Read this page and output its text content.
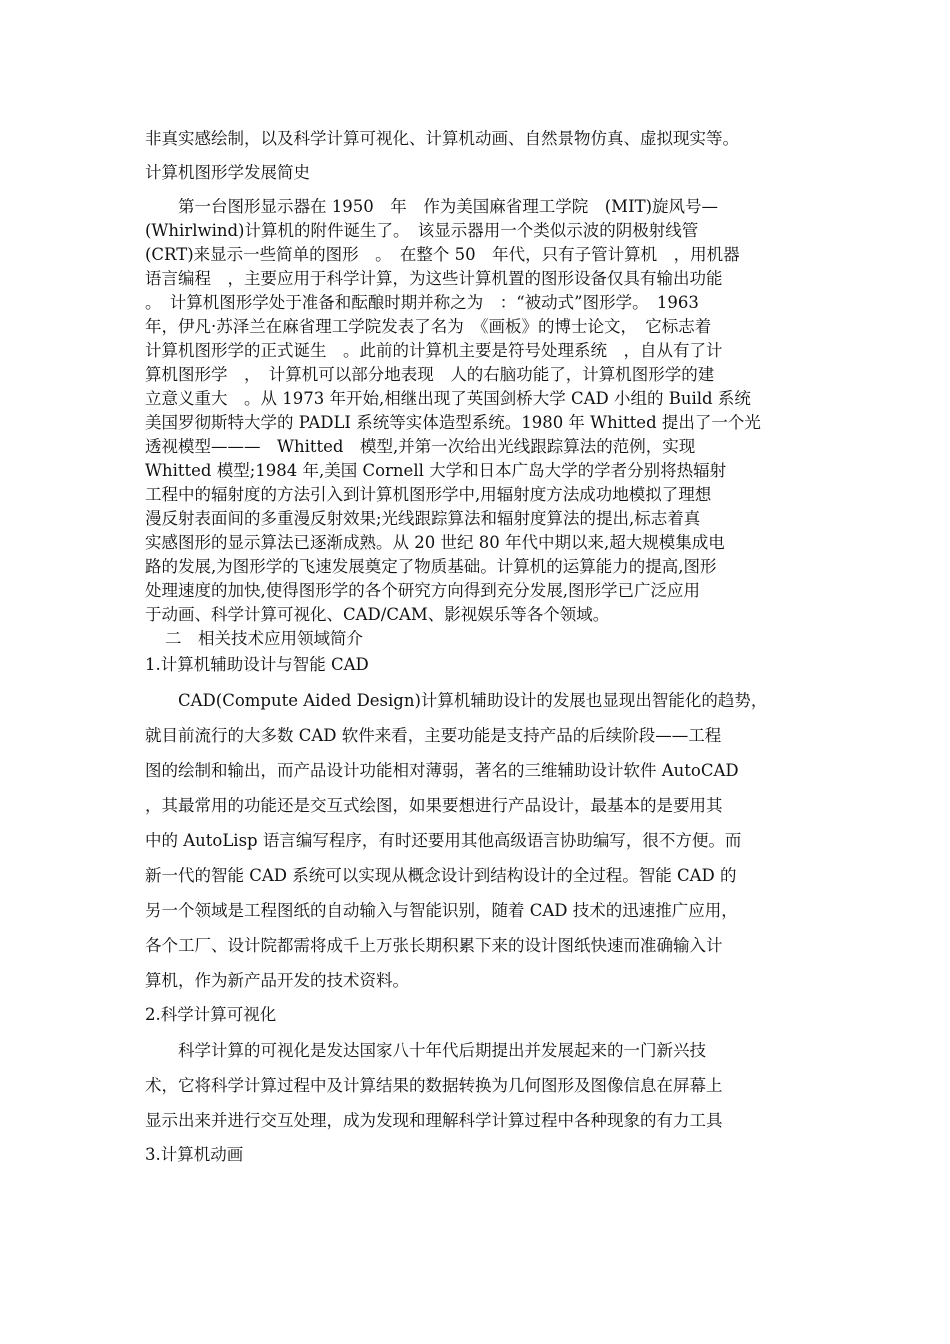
非真实感绘制，以及科学计算可视化、计算机动画、自然景物仿真、虚拟现实等。
计算机图形学发展简史
第一台图形显示器在 1950　年　作为美国麻省理工学院　(MIT)旋风号—
(Whirlwind)计算机的附件诞生了。　该显示器用一个类似示波的阴极射线管
(CRT)来显示一些简单的图形　。　在整个 50　年代，只有子管计算机　，用机器
语言编程　，主要应用于科学计算，为这些计算机置的图形设备仅具有输出功能
。　计算机图形学处于准备和酝酿时期并称之为　：“被动式”图形学。　1963
年，伊凡·苏泽兰在麻省理工学院发表了名为　《画板》的博士论文，　它标志着
计算机图形学的正式诞生　。此前的计算机主要是符号处理系统　，自从有了计
算机图形学　，　计算机可以部分地表现　人的右脑功能了，计算机图形学的建
立意义重大　。从 1973 年开始,相继出现了英国剑桥大学 CAD 小组的 Build 系统
美国罗彻斯特大学的 PADLI 系统等实体造型系统。1980 年 Whitted 提出了一个光
透视模型———　Whitted　模型,并第一次给出光线跟踪算法的范例，实现
Whitted 模型;1984 年,美国 Cornell 大学和日本广岛大学的学者分别将热辐射
工程中的辐射度的方法引入到计算机图形学中,用辐射度方法成功地模拟了理想
漫反射表面间的多重漫反射效果;光线跟踪算法和辐射度算法的提出,标志着真
实感图形的显示算法已逐渐成熟。从 20 世纪 80 年代中期以来,超大规模集成电
路的发展,为图形学的飞速发展奠定了物质基础。计算机的运算能力的提高,图形
处理速度的加快,使得图形学的各个研究方向得到充分发展,图形学已广泛应用
于动画、科学计算可视化、CAD/CAM、影视娱乐等各个领域。
二　相关技术应用领域简介
1.计算机辅助设计与智能 CAD
CAD(Compute Aided Design)计算机辅助设计的发展也显现出智能化的趋势，
就目前流行的大多数 CAD 软件来看，主要功能是支持产品的后续阶段——工程
图的绘制和输出，而产品设计功能相对薄弱，著名的三维辅助设计软件 AutoCAD
，其最常用的功能还是交互式绘图，如果要想进行产品设计，最基本的是要用其
中的 AutoLisp 语言编写程序，有时还要用其他高级语言协助编写，很不方便。而
新一代的智能 CAD 系统可以实现从概念设计到结构设计的全过程。智能 CAD 的
另一个领域是工程图纸的自动输入与智能识别，随着 CAD 技术的迅速推广应用，
各个工厂、设计院都需将成千上万张长期积累下来的设计图纸快速而准确输入计
算机，作为新产品开发的技术资料。
2.科学计算可视化
科学计算的可视化是发达国家八十年代后期提出并发展起来的一门新兴技
术，它将科学计算过程中及计算结果的数据转换为几何图形及图像信息在屏幕上
显示出来并进行交互处理，成为发现和理解科学计算过程中各种现象的有力工具
3.计算机动画
